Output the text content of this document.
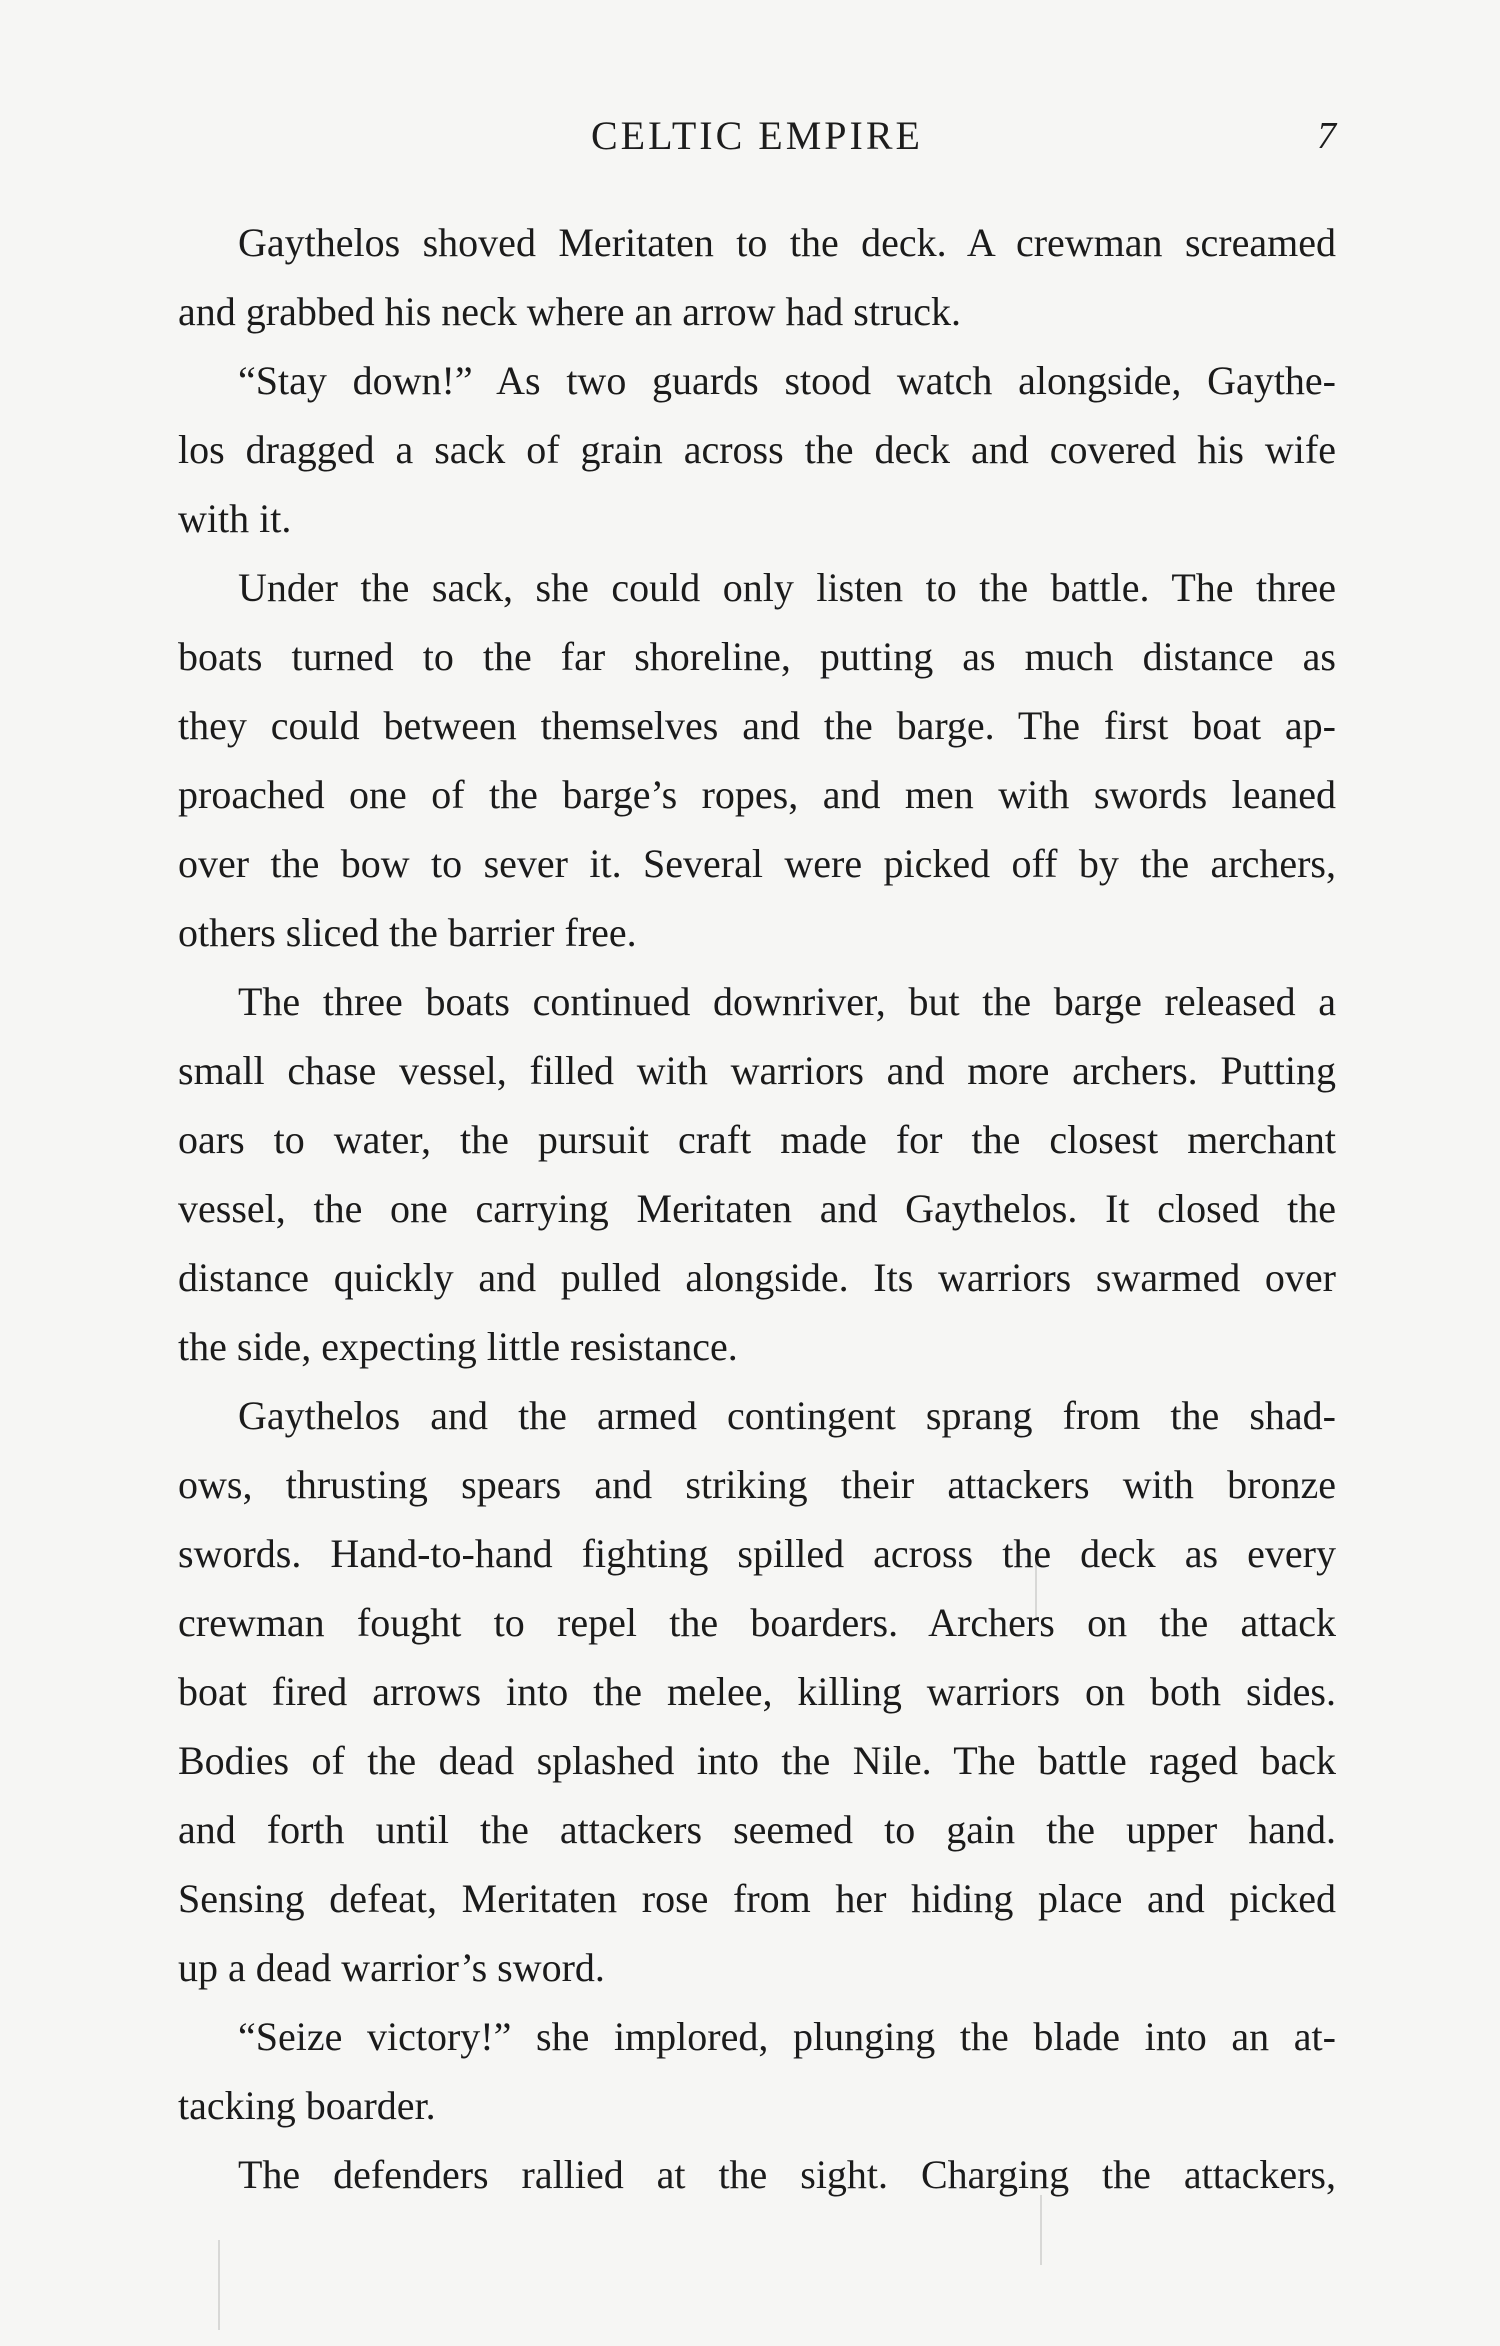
CELTIC EMPIRE	7
Gaythelos shoved Meritaten to the deck. A crewman screamed
and grabbed his neck where an arrow had struck.
“Stay down!” As two guards stood watch alongside, Gaythe-
los dragged a sack of grain across the deck and covered his wife
with it.
Under the sack, she could only listen to the battle. The three
boats turned to the far shoreline, putting as much distance as
they could between themselves and the barge. The first boat ap-
proached one of the barge’s ropes, and men with swords leaned
over the bow to sever it. Several were picked off by the archers,
others sliced the barrier free.
The three boats continued downriver, but the barge released a
small chase vessel, filled with warriors and more archers. Putting
oars to water, the pursuit craft made for the closest merchant
vessel, the one carrying Meritaten and Gaythelos. It closed the
distance quickly and pulled alongside. Its warriors swarmed over
the side, expecting little resistance.
Gaythelos and the armed contingent sprang from the shad-
ows, thrusting spears and striking their attackers with bronze
swords. Hand-to-hand fighting spilled across the deck as every
crewman fought to repel the boarders. Archers on the attack
boat fired arrows into the melee, killing warriors on both sides.
Bodies of the dead splashed into the Nile. The battle raged back
and forth until the attackers seemed to gain the upper hand.
Sensing defeat, Meritaten rose from her hiding place and picked
up a dead warrior’s sword.
“Seize victory!” she implored, plunging the blade into an at-
tacking boarder.
The defenders rallied at the sight. Charging the attackers,
